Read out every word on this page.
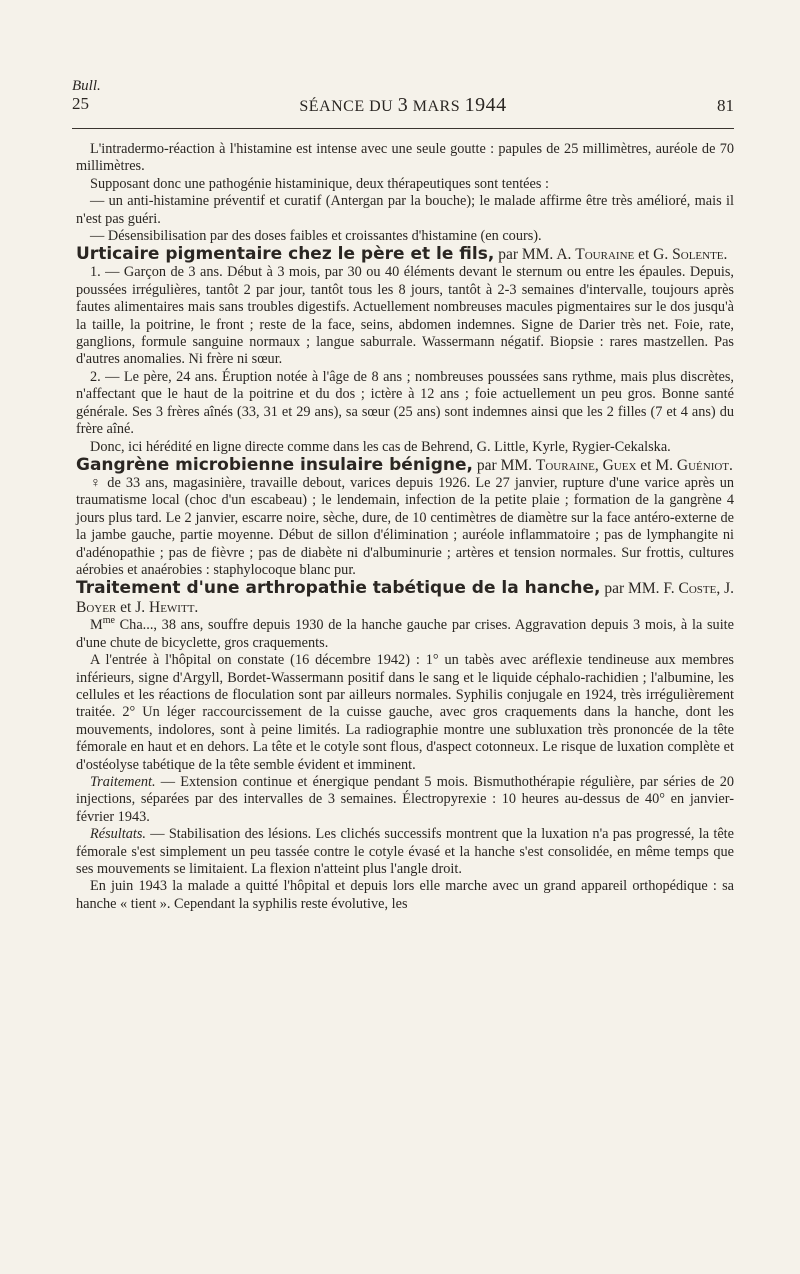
Bull.
25	SÉANCE DU 3 MARS 1944	81

L'intradermo-réaction à l'histamine est intense avec une seule goutte : papules de 25 millimètres, auréole de 70 millimètres.

Supposant donc une pathogénie histaminique, deux thérapeutiques sont tentées :

— un anti-histamine préventif et curatif (Antergan par la bouche); le malade affirme être très amélioré, mais il n'est pas guéri.

— Désensibilisation par des doses faibles et croissantes d'histamine (en cours).

Urticaire pigmentaire chez le père et le fils, par MM. A. Touraine et G. Solente.

1. — Garçon de 3 ans. Début à 3 mois, par 30 ou 40 éléments devant le sternum ou entre les épaules. Depuis, poussées irrégulières, tantôt 2 par jour, tantôt tous les 8 jours, tantôt à 2-3 semaines d'intervalle, toujours après fautes alimentaires mais sans troubles digestifs. Actuellement nombreuses macules pigmentaires sur le dos jusqu'à la taille, la poitrine, le front ; reste de la face, seins, abdomen indemnes. Signe de Darier très net. Foie, rate, ganglions, formule sanguine normaux ; langue saburrale. Wassermann négatif. Biopsie : rares mastzellen. Pas d'autres anomalies. Ni frère ni sœur.

2. — Le père, 24 ans. Éruption notée à l'âge de 8 ans ; nombreuses poussées sans rythme, mais plus discrètes, n'affectant que le haut de la poitrine et du dos ; ictère à 12 ans ; foie actuellement un peu gros. Bonne santé générale. Ses 3 frères aînés (33, 31 et 29 ans), sa sœur (25 ans) sont indemnes ainsi que les 2 filles (7 et 4 ans) du frère aîné.

Donc, ici hérédité en ligne directe comme dans les cas de Behrend, G. Little, Kyrle, Rygier-Cekalska.

Gangrène microbienne insulaire bénigne, par MM. Touraine, Guex et M. Guéniot.

♀ de 33 ans, magasinière, travaille debout, varices depuis 1926. Le 27 janvier, rupture d'une varice après un traumatisme local (choc d'un escabeau) ; le lendemain, infection de la petite plaie ; formation de la gangrène 4 jours plus tard. Le 2 janvier, escarre noire, sèche, dure, de 10 centimètres de diamètre sur la face antéro-externe de la jambe gauche, partie moyenne. Début de sillon d'élimination ; auréole inflammatoire ; pas de lymphangite ni d'adénopathie ; pas de fièvre ; pas de diabète ni d'albuminurie ; artères et tension normales. Sur frottis, cultures aérobies et anaérobies : staphylocoque blanc pur.

Traitement d'une arthropathie tabétique de la hanche, par MM. F. Coste, J. Boyer et J. Hewitt.

$M^{me}$ Cha..., 38 ans, souffre depuis 1930 de la hanche gauche par crises. Aggravation depuis 3 mois, à la suite d'une chute de bicyclette, gros craquements.

A l'entrée à l'hôpital on constate (16 décembre 1942) : 1° un tabès avec aréflexie tendineuse aux membres inférieurs, signe d'Argyll, Bordet-Wassermann positif dans le sang et le liquide céphalo-rachidien ; l'albumine, les cellules et les réactions de floculation sont par ailleurs normales. Syphilis conjugale en 1924, très irrégulièrement traitée. 2° Un léger raccourcissement de la cuisse gauche, avec gros craquements dans la hanche, dont les mouvements, indolores, sont à peine limités. La radiographie montre une subluxation très prononcée de la tête fémorale en haut et en dehors. La tête et le cotyle sont flous, d'aspect cotonneux. Le risque de luxation complète et d'ostéolyse tabétique de la tête semble évident et imminent.

Traitement. — Extension continue et énergique pendant 5 mois. Bismuthothérapie régulière, par séries de 20 injections, séparées par des intervalles de 3 semaines. Électropyrexie : 10 heures au-dessus de 40° en janvier-février 1943.

Résultats. — Stabilisation des lésions. Les clichés successifs montrent que la luxation n'a pas progressé, la tête fémorale s'est simplement un peu tassée contre le cotyle évasé et la hanche s'est consolidée, en même temps que ses mouvements se limitaient. La flexion n'atteint plus l'angle droit.

En juin 1943 la malade a quitté l'hôpital et depuis lors elle marche avec un grand appareil orthopédique : sa hanche « tient ». Cependant la syphilis reste évolutive, les
